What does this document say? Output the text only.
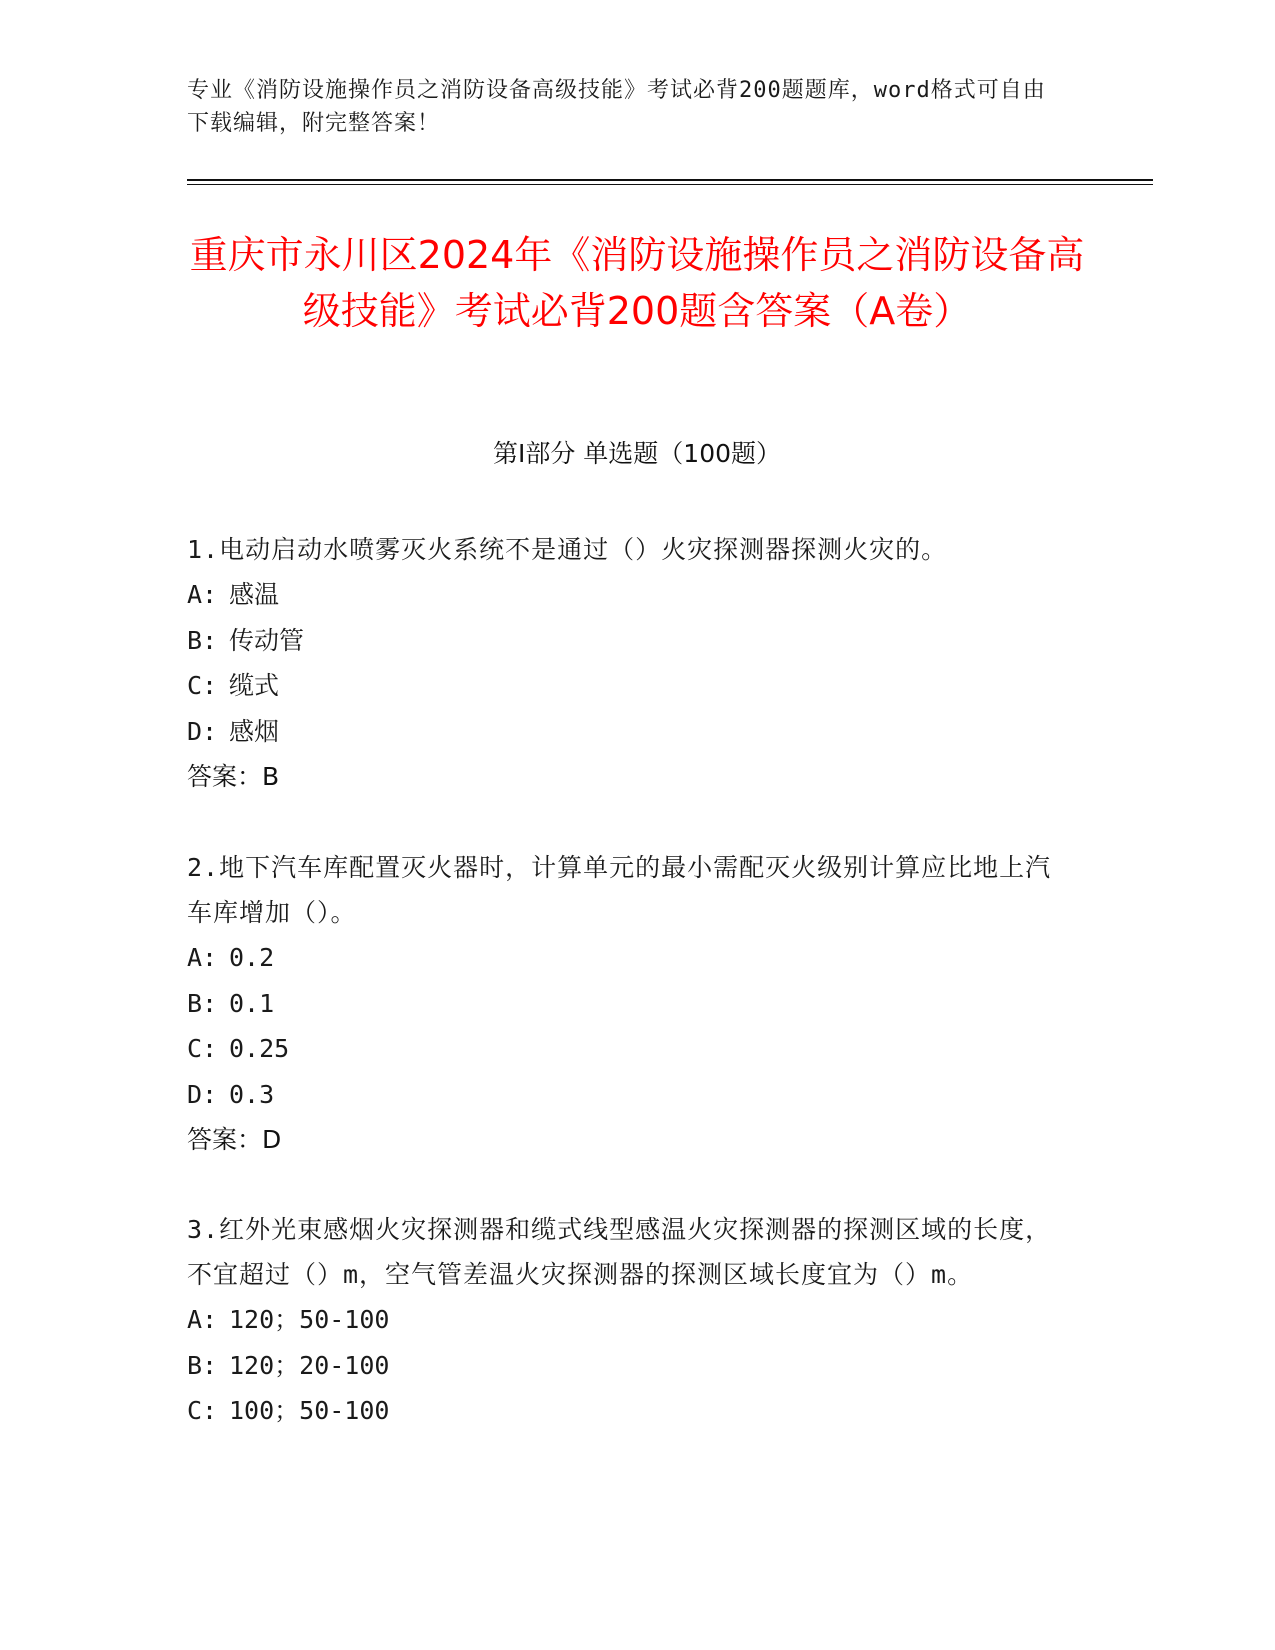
专业《消防设施操作员之消防设备高级技能》考试必背200题题库，word格式可自由下载编辑，附完整答案！
重庆市永川区2024年《消防设施操作员之消防设备高级技能》考试必背200题含答案（A卷）
第I部分 单选题（100题）
1.电动启动水喷雾灭火系统不是通过（）火灾探测器探测火灾的。
A: 感温
B: 传动管
C: 缆式
D: 感烟
答案：B
2.地下汽车库配置灭火器时，计算单元的最小需配灭火级别计算应比地上汽车库增加（）。
A: 0.2
B: 0.1
C: 0.25
D: 0.3
答案：D
3.红外光束感烟火灾探测器和缆式线型感温火灾探测器的探测区域的长度，不宜超过（）m，空气管差温火灾探测器的探测区域长度宜为（）m。
A: 120；50-100
B: 120；20-100
C: 100；50-100
